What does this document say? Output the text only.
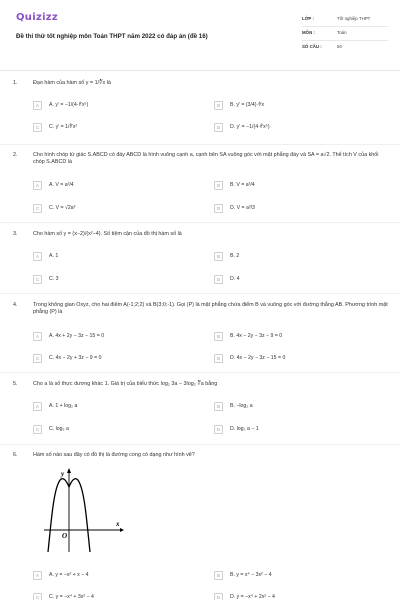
Quizizz
Đề thi thử tốt nghiệp môn Toán THPT năm 2022 có đáp án (đề 16)
LỚP :	Tốt nghiệp THPT
MÔN :	Toán
SỐ CÂU :	50
1.	Đạo hàm của hàm số y = 1/∛x là
A	A. y′ = −1/(4·∜x⁵)	B	B. y′ = (3/4)·∜x
C	C. y′ = 1/∛x²	D	D. y′ = −1/(4·∜x⁵)
2.	Cho hình chóp tứ giác S.ABCD có đáy ABCD là hình vuông cạnh a, cạnh bên SA vuông góc với mặt phẳng đáy và SA = a√2. Thể tích V của khối chóp S.ABCD là
A	A. V = a³/4	B	B. V = a³/4
C	C. V = √2a³	D	D. V = a³/3
3.	Cho hàm số y = (x−2)/(x²−4). Số tiệm cận của đồ thị hàm số là
A	A. 1	B	B. 2
C	C. 3	D	D. 4
4.	Trong không gian Oxyz, cho hai điểm A(-1;2;2) và B(3;0;-1). Gọi (P) là mặt phẳng chứa điểm B và vuông góc với đường thẳng AB. Phương trình mặt phẳng (P) là
A	A. 4x + 2y − 3z − 15 = 0	B	B. 4x − 2y − 3z − 9 = 0
C	C. 4x − 2y + 3z − 9 = 0	D	D. 4x − 2y − 3z − 15 = 0
5.	Cho a là số thực dương khác 1. Giá trị của biểu thức log₂ 3a − 3log₂ ∛a bằng
A	A. 1 + log₂ a	B	B. −log₂ a
C	C. log₂ a	D	D. log₂ a − 1
6.	Hàm số nào sau đây có đồ thị là đường cong có dạng như hình vẽ?
A	A. y = −x² + x − 4	B	B. y = x⁴ − 3x² − 4
C	C. y = −x⁴ + 3x² − 4	D	D. y = −x⁴ + 2x² − 4
y
x
O
